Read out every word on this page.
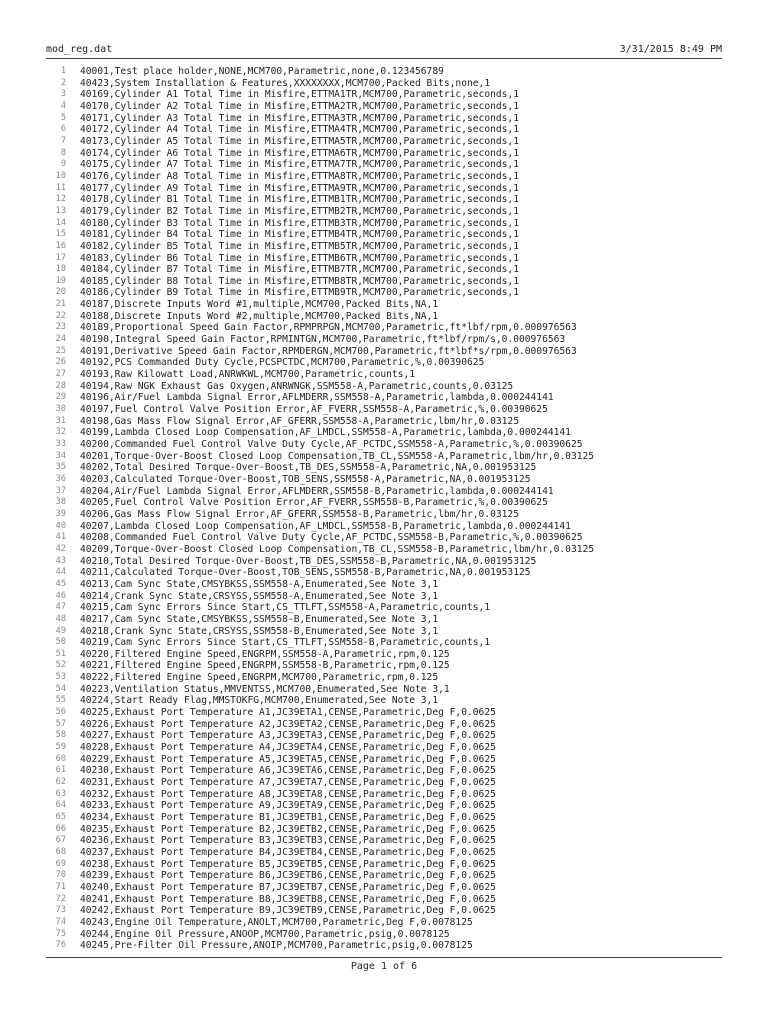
mod_reg.dat	3/31/2015 8:49 PM
1 40001,Test place holder,NONE,MCM700,Parametric,none,0.123456789
2 40423,System Installation & Features,XXXXXXXX,MCM700,Packed Bits,none,1
3 40169,Cylinder A1 Total Time in Misfire,ETTMA1TR,MCM700,Parametric,seconds,1
4 40170,Cylinder A2 Total Time in Misfire,ETTMA2TR,MCM700,Parametric,seconds,1
5 40171,Cylinder A3 Total Time in Misfire,ETTMA3TR,MCM700,Parametric,seconds,1
6 40172,Cylinder A4 Total Time in Misfire,ETTMA4TR,MCM700,Parametric,seconds,1
7 40173,Cylinder A5 Total Time in Misfire,ETTMA5TR,MCM700,Parametric,seconds,1
8 40174,Cylinder A6 Total Time in Misfire,ETTMA6TR,MCM700,Parametric,seconds,1
9 40175,Cylinder A7 Total Time in Misfire,ETTMA7TR,MCM700,Parametric,seconds,1
10 40176,Cylinder A8 Total Time in Misfire,ETTMA8TR,MCM700,Parametric,seconds,1
11 40177,Cylinder A9 Total Time in Misfire,ETTMA9TR,MCM700,Parametric,seconds,1
12 40178,Cylinder B1 Total Time in Misfire,ETTMB1TR,MCM700,Parametric,seconds,1
13 40179,Cylinder B2 Total Time in Misfire,ETTMB2TR,MCM700,Parametric,seconds,1
14 40180,Cylinder B3 Total Time in Misfire,ETTMB3TR,MCM700,Parametric,seconds,1
15 40181,Cylinder B4 Total Time in Misfire,ETTMB4TR,MCM700,Parametric,seconds,1
16 40182,Cylinder B5 Total Time in Misfire,ETTMB5TR,MCM700,Parametric,seconds,1
17 40183,Cylinder B6 Total Time in Misfire,ETTMB6TR,MCM700,Parametric,seconds,1
18 40184,Cylinder B7 Total Time in Misfire,ETTMB7TR,MCM700,Parametric,seconds,1
19 40185,Cylinder B8 Total Time in Misfire,ETTMB8TR,MCM700,Parametric,seconds,1
20 40186,Cylinder B9 Total Time in Misfire,ETTMB9TR,MCM700,Parametric,seconds,1
21 40187,Discrete Inputs Word #1,multiple,MCM700,Packed Bits,NA,1
22 40188,Discrete Inputs Word #2,multiple,MCM700,Packed Bits,NA,1
23 40189,Proportional Speed Gain Factor,RPMPRPGN,MCM700,Parametric,ft*lbf/rpm,0.000976563
24 40190,Integral Speed Gain Factor,RPMINTGN,MCM700,Parametric,ft*lbf/rpm/s,0.000976563
25 40191,Derivative Speed Gain Factor,RPMDERGN,MCM700,Parametric,ft*lbf*s/rpm,0.000976563
26 40192,PCS Commanded Duty Cycle,PCSPCTDC,MCM700,Parametric,%,0.00390625
27 40193,Raw Kilowatt Load,ANRWKWL,MCM700,Parametric,counts,1
28 40194,Raw NGK Exhaust Gas Oxygen,ANRWNGK,SSM558-A,Parametric,counts,0.03125
29 40196,Air/Fuel Lambda Signal Error,AFLMDERR,SSM558-A,Parametric,lambda,0.000244141
30 40197,Fuel Control Valve Position Error,AF_FVERR,SSM558-A,Parametric,%,0.00390625
31 40198,Gas Mass Flow Signal Error,AF_GFERR,SSM558-A,Parametric,lbm/hr,0.03125
32 40199,Lambda Closed Loop Compensation,AF_LMDCL,SSM558-A,Parametric,lambda,0.000244141
33 40200,Commanded Fuel Control Valve Duty Cycle,AF_PCTDC,SSM558-A,Parametric,%,0.00390625
34 40201,Torque-Over-Boost Closed Loop Compensation,TB_CL,SSM558-A,Parametric,lbm/hr,0.03125
35 40202,Total Desired Torque-Over-Boost,TB_DES,SSM558-A,Parametric,NA,0.001953125
36 40203,Calculated Torque-Over-Boost,TOB_SENS,SSM558-A,Parametric,NA,0.001953125
37 40204,Air/Fuel Lambda Signal Error,AFLMDERR,SSM558-B,Parametric,lambda,0.000244141
38 40205,Fuel Control Valve Position Error,AF_FVERR,SSM558-B,Parametric,%,0.00390625
39 40206,Gas Mass Flow Signal Error,AF_GFERR,SSM558-B,Parametric,lbm/hr,0.03125
40 40207,Lambda Closed Loop Compensation,AF_LMDCL,SSM558-B,Parametric,lambda,0.000244141
41 40208,Commanded Fuel Control Valve Duty Cycle,AF_PCTDC,SSM558-B,Parametric,%,0.00390625
42 40209,Torque-Over-Boost Closed Loop Compensation,TB_CL,SSM558-B,Parametric,lbm/hr,0.03125
43 40210,Total Desired Torque-Over-Boost,TB_DES,SSM558-B,Parametric,NA,0.001953125
44 40211,Calculated Torque-Over-Boost,TOB_SENS,SSM558-B,Parametric,NA,0.001953125
45 40213,Cam Sync State,CMSYBKSS,SSM558-A,Enumerated,See Note 3,1
46 40214,Crank Sync State,CRSYSS,SSM558-A,Enumerated,See Note 3,1
47 40215,Cam Sync Errors Since Start,CS_TTLFT,SSM558-A,Parametric,counts,1
48 40217,Cam Sync State,CMSYBKSS,SSM558-B,Enumerated,See Note 3,1
49 40218,Crank Sync State,CRSYSS,SSM558-B,Enumerated,See Note 3,1
50 40219,Cam Sync Errors Since Start,CS_TTLFT,SSM558-B,Parametric,counts,1
51 40220,Filtered Engine Speed,ENGRPM,SSM558-A,Parametric,rpm,0.125
52 40221,Filtered Engine Speed,ENGRPM,SSM558-B,Parametric,rpm,0.125
53 40222,Filtered Engine Speed,ENGRPM,MCM700,Parametric,rpm,0.125
54 40223,Ventilation Status,MMVENTSS,MCM700,Enumerated,See Note 3,1
55 40224,Start Ready Flag,MMSTOKFG,MCM700,Enumerated,See Note 3,1
56 40225,Exhaust Port Temperature A1,JC39ETA1,CENSE,Parametric,Deg F,0.0625
57 40226,Exhaust Port Temperature A2,JC39ETA2,CENSE,Parametric,Deg F,0.0625
58 40227,Exhaust Port Temperature A3,JC39ETA3,CENSE,Parametric,Deg F,0.0625
59 40228,Exhaust Port Temperature A4,JC39ETA4,CENSE,Parametric,Deg F,0.0625
60 40229,Exhaust Port Temperature A5,JC39ETA5,CENSE,Parametric,Deg F,0.0625
61 40230,Exhaust Port Temperature A6,JC39ETA6,CENSE,Parametric,Deg F,0.0625
62 40231,Exhaust Port Temperature A7,JC39ETA7,CENSE,Parametric,Deg F,0.0625
63 40232,Exhaust Port Temperature A8,JC39ETA8,CENSE,Parametric,Deg F,0.0625
64 40233,Exhaust Port Temperature A9,JC39ETA9,CENSE,Parametric,Deg F,0.0625
65 40234,Exhaust Port Temperature B1,JC39ETB1,CENSE,Parametric,Deg F,0.0625
66 40235,Exhaust Port Temperature B2,JC39ETB2,CENSE,Parametric,Deg F,0.0625
67 40236,Exhaust Port Temperature B3,JC39ETB3,CENSE,Parametric,Deg F,0.0625
68 40237,Exhaust Port Temperature B4,JC39ETB4,CENSE,Parametric,Deg F,0.0625
69 40238,Exhaust Port Temperature B5,JC39ETB5,CENSE,Parametric,Deg F,0.0625
70 40239,Exhaust Port Temperature B6,JC39ETB6,CENSE,Parametric,Deg F,0.0625
71 40240,Exhaust Port Temperature B7,JC39ETB7,CENSE,Parametric,Deg F,0.0625
72 40241,Exhaust Port Temperature B8,JC39ETB8,CENSE,Parametric,Deg F,0.0625
73 40242,Exhaust Port Temperature B9,JC39ETB9,CENSE,Parametric,Deg F,0.0625
74 40243,Engine Oil Temperature,ANOLT,MCM700,Parametric,Deg F,0.0078125
75 40244,Engine Oil Pressure,ANOOP,MCM700,Parametric,psig,0.0078125
76 40245,Pre-Filter Oil Pressure,ANOIP,MCM700,Parametric,psig,0.0078125
Page 1 of 6
